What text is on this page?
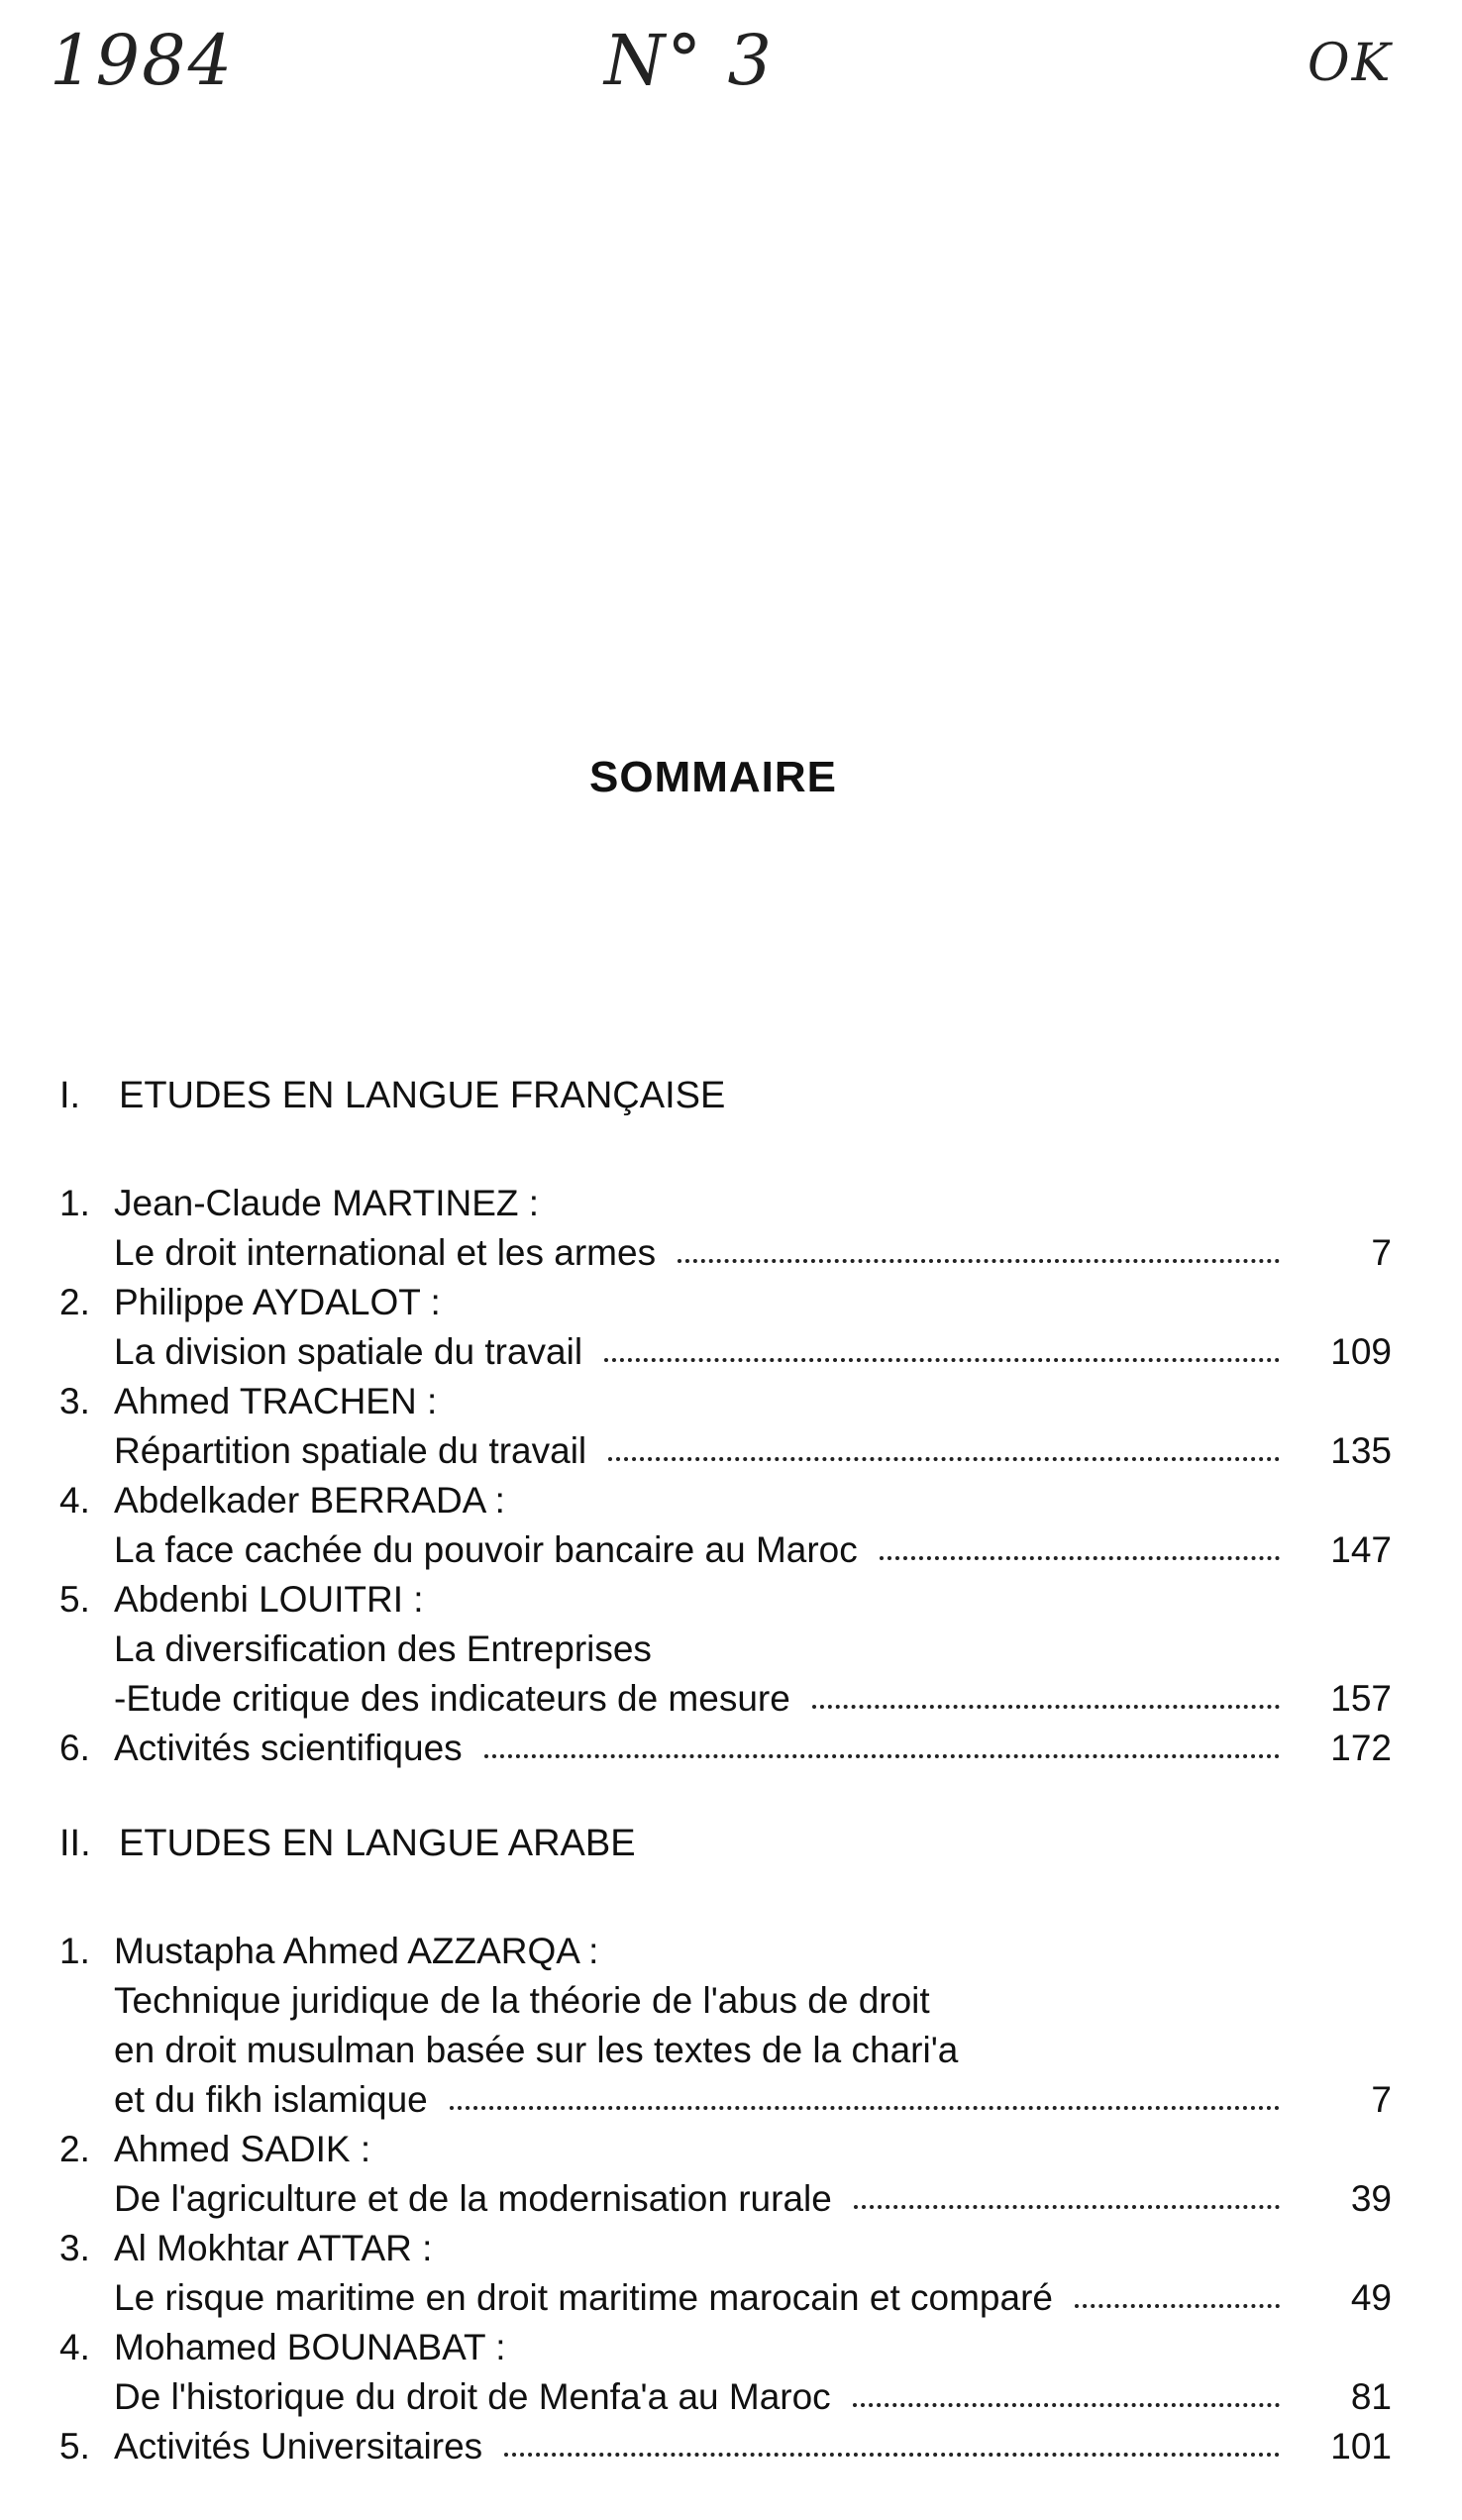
1984	N° 3	OK
SOMMAIRE
I. ETUDES EN LANGUE FRANÇAISE
1. Jean-Claude MARTINEZ :
Le droit international et les armes	7
2. Philippe AYDALOT :
La division spatiale du travail	109
3. Ahmed TRACHEN :
Répartition spatiale du travail	135
4. Abdelkader BERRADA :
La face cachée du pouvoir bancaire au Maroc	147
5. Abdenbi LOUITRI :
La diversification des Entreprises
-Etude critique des indicateurs de mesure	157
6. Activités scientifiques	172
II. ETUDES EN LANGUE ARABE
1. Mustapha Ahmed AZZARQA :
Technique juridique de la théorie de l'abus de droit
en droit musulman basée sur les textes de la chari'a
et du fikh islamique	7
2. Ahmed SADIK :
De l'agriculture et de la modernisation rurale	39
3. Al Mokhtar ATTAR :
Le risque maritime en droit maritime marocain et comparé	49
4. Mohamed BOUNABAT :
De l'historique du droit de Menfa'a au Maroc	81
5. Activités Universitaires	101
